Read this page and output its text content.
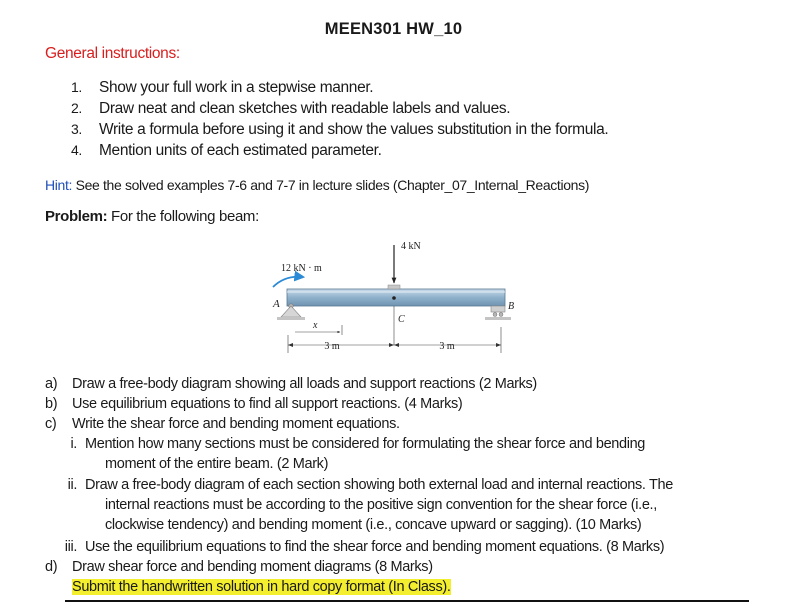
MEEN301 HW_10
General instructions:
1. Show your full work in a stepwise manner.
2. Draw neat and clean sketches with readable labels and values.
3. Write a formula before using it and show the values substitution in the formula.
4. Mention units of each estimated parameter.
Hint: See the solved examples 7-6 and 7-7 in lecture slides (Chapter_07_Internal_Reactions)
Problem: For the following beam:
4 kN
12 kN · m
A	B
C
x
3 m	3 m
a) Draw a free-body diagram showing all loads and support reactions (2 Marks)
b) Use equilibrium equations to find all support reactions. (4 Marks)
c) Write the shear force and bending moment equations.
i. Mention how many sections must be considered for formulating the shear force and bending
moment of the entire beam. (2 Mark)
ii. Draw a free-body diagram of each section showing both external load and internal reactions. The
internal reactions must be according to the positive sign convention for the shear force (i.e.,
clockwise tendency) and bending moment (i.e., concave upward or sagging). (10 Marks)
iii. Use the equilibrium equations to find the shear force and bending moment equations. (8 Marks)
d) Draw shear force and bending moment diagrams (8 Marks)
Submit the handwritten solution in hard copy format (In Class).
